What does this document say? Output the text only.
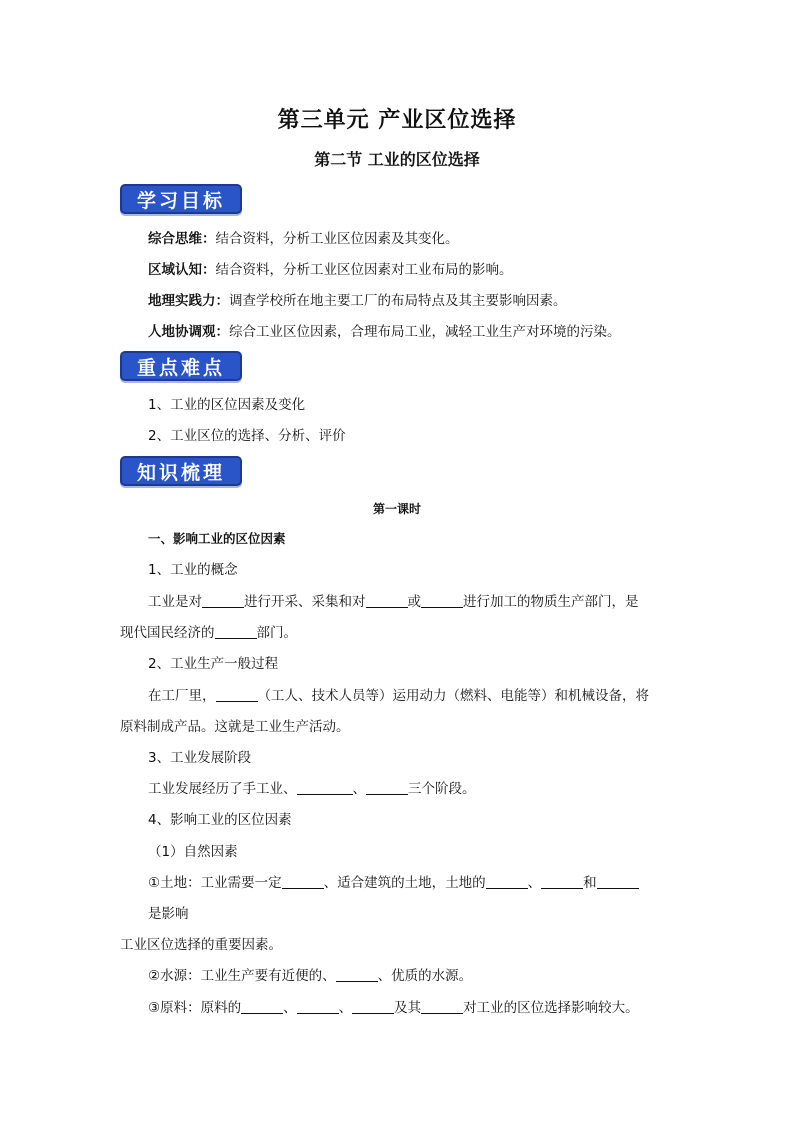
第三单元 产业区位选择
第二节 工业的区位选择
学习目标
综合思维：结合资料，分析工业区位因素及其变化。
区域认知：结合资料，分析工业区位因素对工业布局的影响。
地理实践力：调查学校所在地主要工厂的布局特点及其主要影响因素。
人地协调观：综合工业区位因素，合理布局工业，减轻工业生产对环境的污染。
重点难点
1、工业的区位因素及变化
2、工业区位的选择、分析、评价
知识梳理
第一课时
一、影响工业的区位因素
1、工业的概念
工业是对	进行开采、采集和对	或	进行加工的物质生产部门，是
现代国民经济的	部门。
2、工业生产一般过程
在工厂里，	（工人、技术人员等）运用动力（燃料、电能等）和机械设备，将
原料制成产品。这就是工业生产活动。
3、工业发展阶段
工业发展经历了手工业、	、	三个阶段。
4、影响工业的区位因素
（1）自然因素
①土地：工业需要一定	、适合建筑的土地，土地的	、	和
是影响
工业区位选择的重要因素。
②水源：工业生产要有近便的、	、优质的水源。
③原料：原料的	、	、	及其	对工业的区位选择影响较大。
